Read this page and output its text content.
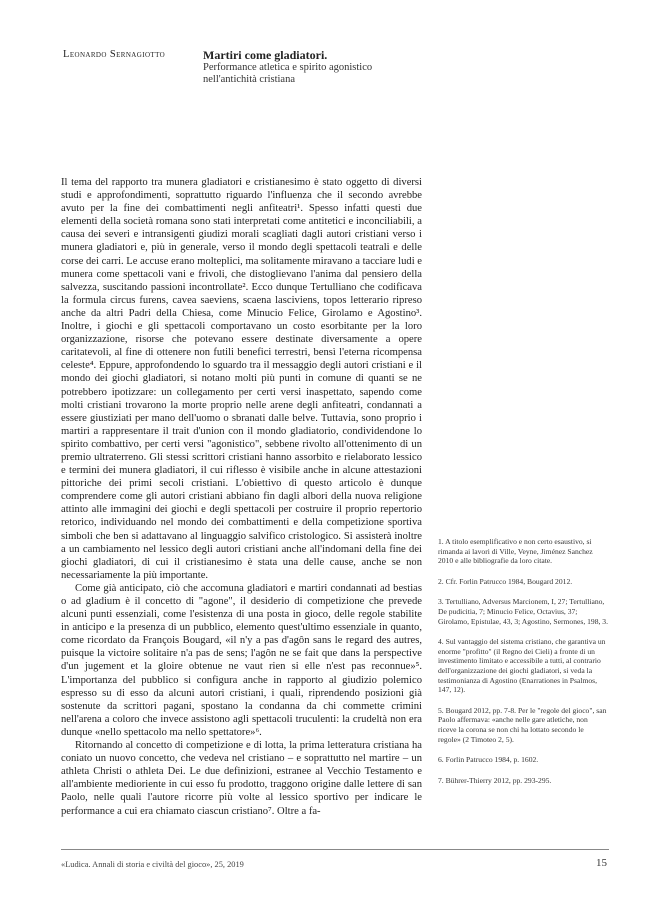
Leonardo Sernagiotto	Martiri come gladiatori.
Performance atletica e spirito agonistico
nell'antichità cristiana

Il tema del rapporto tra munera gladiatori e cristianesimo è stato oggetto di diversi studi e approfondimenti, soprattutto riguardo l'influenza che il secondo avrebbe avuto per la fine dei combattimenti negli anfiteatri¹. Spesso infatti questi due elementi della società romana sono stati interpretati come antitetici e inconciliabili, a causa dei severi e intransigenti giudizi morali scagliati dagli autori cristiani verso i munera gladiatori e, più in generale, verso il mondo degli spettacoli teatrali e delle corse dei carri. Le accuse erano molteplici, ma solitamente miravano a tacciare ludi e munera come spettacoli vani e frivoli, che distoglievano l'anima dal pensiero della salvezza, suscitando passioni incontrollate². Ecco dunque Tertulliano che codificava la formula circus furens, cavea saeviens, scaena lasciviens, topos letterario ripreso anche da altri Padri della Chiesa, come Minucio Felice, Girolamo e Agostino³. Inoltre, i giochi e gli spettacoli comportavano un costo esorbitante per la loro organizzazione, risorse che potevano essere destinate diversamente a opere caritatevoli, al fine di ottenere non futili benefici terrestri, bensì l'eterna ricompensa celeste⁴. Eppure, approfondendo lo sguardo tra il messaggio degli autori cristiani e il mondo dei giochi gladiatori, si notano molti più punti in comune di quanti se ne potrebbero ipotizzare: un collegamento per certi versi inaspettato, sapendo come molti cristiani trovarono la morte proprio nelle arene degli anfiteatri, condannati a essere giustiziati per mano dell'uomo o sbranati dalle belve. Tuttavia, sono proprio i martiri a rappresentare il trait d'union con il mondo gladiatorio, condividendone lo spirito combattivo, per certi versi "agonistico", sebbene rivolto all'ottenimento di un premio ultraterreno. Gli stessi scrittori cristiani hanno assorbito e rielaborato lessico e termini dei munera gladiatori, il cui riflesso è visibile anche in alcune attestazioni pittoriche dei primi secoli cristiani. L'obiettivo di questo articolo è dunque comprendere come gli autori cristiani abbiano fin dagli albori della nuova religione attinto alle immagini dei giochi e degli spettacoli per costruire il proprio repertorio retorico, individuando nel mondo dei combattimenti e della competizione sportiva simboli che ben si adattavano al linguaggio salvifico cristologico. Si assisterà inoltre a un cambiamento nel lessico degli autori cristiani anche all'indomani della fine dei giochi gladiatori, di cui il cristianesimo è stata una delle cause, anche se non necessariamente la più importante.

Come già anticipato, ciò che accomuna gladiatori e martiri condannati ad bestias o ad gladium è il concetto di "agone", il desiderio di competizione che prevede alcuni punti essenziali, come l'esistenza di una posta in gioco, delle regole stabilite in anticipo e la presenza di un pubblico, elemento quest'ultimo essenziale in quanto, come ricordato da François Bougard, «il n'y a pas d'agôn sans le regard des autres, puisque la victoire solitaire n'a pas de sens; l'agôn ne se fait que dans la perspective d'un jugement et la gloire obtenue ne vaut rien si elle n'est pas reconnue»⁵. L'importanza del pubblico si configura anche in rapporto al giudizio polemico espresso su di esso da alcuni autori cristiani, i quali, riprendendo posizioni già sostenute da scrittori pagani, spostano la condanna da chi commette crimini nell'arena a coloro che invece assistono agli spettacoli truculenti: la crudeltà non era dunque «nello spettacolo ma nello spettatore»⁶.

Ritornando al concetto di competizione e di lotta, la prima letteratura cristiana ha coniato un nuovo concetto, che vedeva nel cristiano – e soprattutto nel martire – un athleta Christi o athleta Dei. Le due definizioni, estranee al Vecchio Testamento e all'ambiente medioriente in cui esso fu prodotto, traggono origine dalle lettere di san Paolo, nelle quali l'autore ricorre più volte al lessico sportivo per indicare le performance a cui era chiamato ciascun cristiano⁷. Oltre a fa-

1. A titolo esemplificativo e non certo esaustivo, si rimanda ai lavori di Ville, Veyne, Jiménez Sanchez 2010 e alle bibliografie da loro citate.

2. Cfr. Forlin Patrucco 1984, Bougard 2012.

3. Tertulliano, Adversus Marcionem, I, 27; Tertulliano, De pudicitia, 7; Minucio Felice, Octavius, 37; Girolamo, Epistulae, 43, 3; Agostino, Sermones, 198, 3.

4. Sul vantaggio del sistema cristiano, che garantiva un enorme "profitto" (il Regno dei Cieli) a fronte di un investimento limitato e accessibile a tutti, al contrario dell'organizzazione dei giochi gladiatori, si veda la testimonianza di Agostino (Enarrationes in Psalmos, 147, 12).

5. Bougard 2012, pp. 7-8. Per le "regole del gioco", san Paolo affermava: «anche nelle gare atletiche, non riceve la corona se non chi ha lottato secondo le regole» (2 Timoteo 2, 5).

6. Forlin Patrucco 1984, p. 1602.

7. Bührer-Thierry 2012, pp. 293-295.

«Ludica. Annali di storia e civiltà del gioco», 25, 2019	15
